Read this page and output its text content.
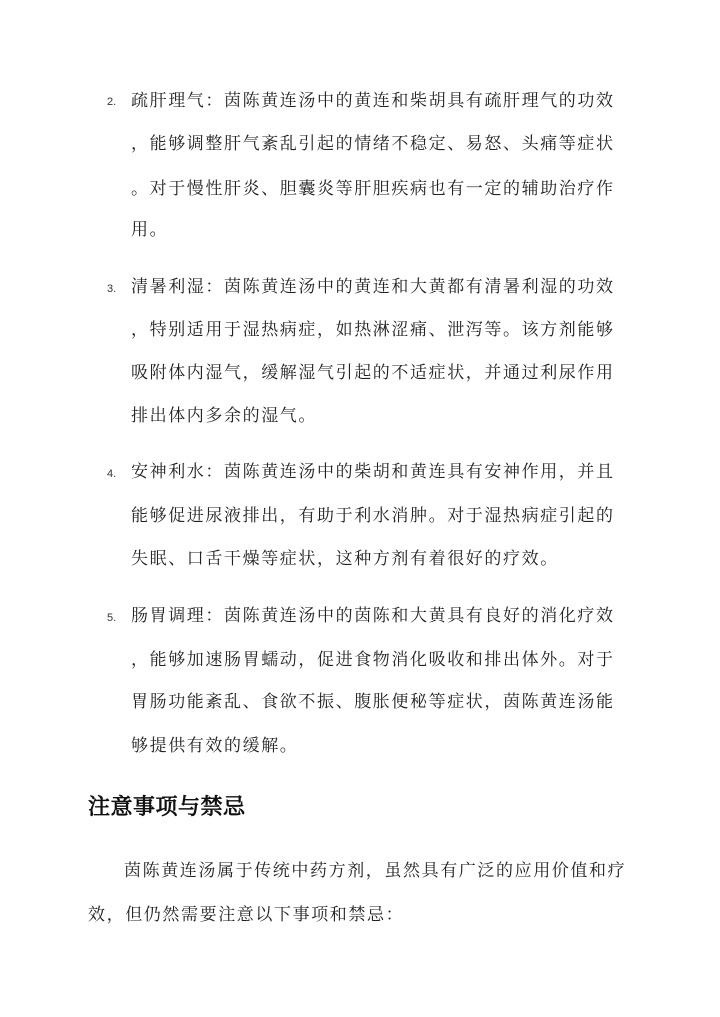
2. 疏肝理气：茵陈黄连汤中的黄连和柴胡具有疏肝理气的功效
，能够调整肝气紊乱引起的情绪不稳定、易怒、头痛等症状
。对于慢性肝炎、胆囊炎等肝胆疾病也有一定的辅助治疗作
用。
3. 清暑利湿：茵陈黄连汤中的黄连和大黄都有清暑利湿的功效
，特别适用于湿热病症，如热淋涩痛、泄泻等。该方剂能够
吸附体内湿气，缓解湿气引起的不适症状，并通过利尿作用
排出体内多余的湿气。
4. 安神利水：茵陈黄连汤中的柴胡和黄连具有安神作用，并且
能够促进尿液排出，有助于利水消肿。对于湿热病症引起的
失眠、口舌干燥等症状，这种方剂有着很好的疗效。
5. 肠胃调理：茵陈黄连汤中的茵陈和大黄具有良好的消化疗效
，能够加速肠胃蠕动，促进食物消化吸收和排出体外。对于
胃肠功能紊乱、食欲不振、腹胀便秘等症状，茵陈黄连汤能
够提供有效的缓解。
注意事项与禁忌
茵陈黄连汤属于传统中药方剂，虽然具有广泛的应用价值和疗
效，但仍然需要注意以下事项和禁忌：
